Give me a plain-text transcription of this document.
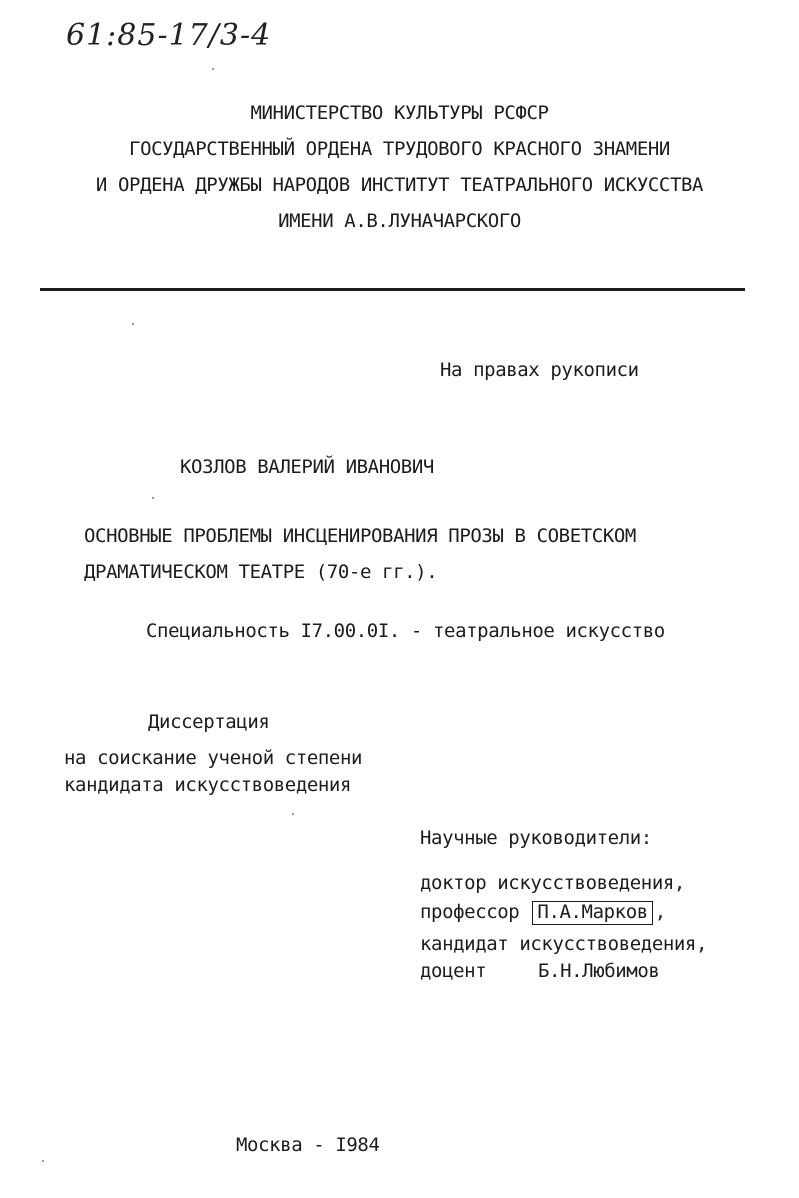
61:85-17/3-4
МИНИСТЕРСТВО КУЛЬТУРЫ РСФСР
ГОСУДАРСТВЕННЫЙ ОРДЕНА ТРУДОВОГО КРАСНОГО ЗНАМЕНИ
И ОРДЕНА ДРУЖБЫ НАРОДОВ ИНСТИТУТ ТЕАТРАЛЬНОГО ИСКУССТВА
ИМЕНИ А.В.ЛУНАЧАРСКОГО
На правах рукописи
КОЗЛОВ ВАЛЕРИЙ ИВАНОВИЧ
ОСНОВНЫЕ ПРОБЛЕМЫ ИНСЦЕНИРОВАНИЯ ПРОЗЫ В СОВЕТСКОМ
ДРАМАТИЧЕСКОМ ТЕАТРЕ (70-е гг.).
Специальность I7.00.0I. - театральное искусство
Диссертация
на соискание ученой степени
кандидата искусствоведения
Научные руководители:
доктор искусствоведения,
профессор П.А.Марков ,
кандидат искусствоведения,
доцент	Б.Н.Любимов
Москва - I984
